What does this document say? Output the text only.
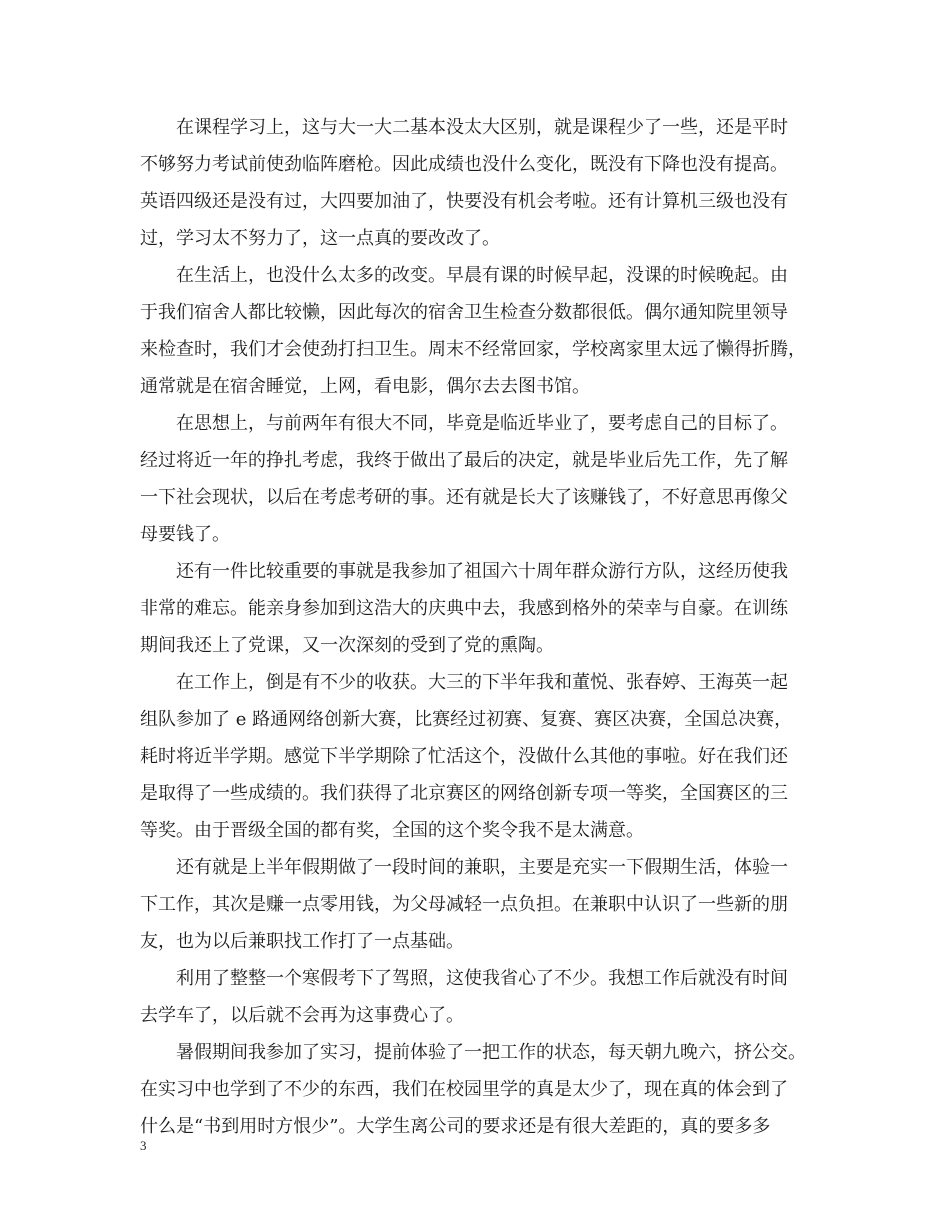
在课程学习上，这与大一大二基本没太大区别，就是课程少了一些，还是平时
不够努力考试前使劲临阵磨枪。因此成绩也没什么变化，既没有下降也没有提高。
英语四级还是没有过，大四要加油了，快要没有机会考啦。还有计算机三级也没有
过，学习太不努力了，这一点真的要改改了。
在生活上，也没什么太多的改变。早晨有课的时候早起，没课的时候晚起。由
于我们宿舍人都比较懒，因此每次的宿舍卫生检查分数都很低。偶尔通知院里领导
来检查时，我们才会使劲打扫卫生。周末不经常回家，学校离家里太远了懒得折腾，
通常就是在宿舍睡觉，上网，看电影，偶尔去去图书馆。
在思想上，与前两年有很大不同，毕竟是临近毕业了，要考虑自己的目标了。
经过将近一年的挣扎考虑，我终于做出了最后的决定，就是毕业后先工作，先了解
一下社会现状，以后在考虑考研的事。还有就是长大了该赚钱了，不好意思再像父
母要钱了。
还有一件比较重要的事就是我参加了祖国六十周年群众游行方队，这经历使我
非常的难忘。能亲身参加到这浩大的庆典中去，我感到格外的荣幸与自豪。在训练
期间我还上了党课，又一次深刻的受到了党的熏陶。
在工作上，倒是有不少的收获。大三的下半年我和董悦、张春婷、王海英一起
组队参加了 e 路通网络创新大赛，比赛经过初赛、复赛、赛区决赛，全国总决赛，
耗时将近半学期。感觉下半学期除了忙活这个，没做什么其他的事啦。好在我们还
是取得了一些成绩的。我们获得了北京赛区的网络创新专项一等奖，全国赛区的三
等奖。由于晋级全国的都有奖，全国的这个奖令我不是太满意。
还有就是上半年假期做了一段时间的兼职，主要是充实一下假期生活，体验一
下工作，其次是赚一点零用钱，为父母减轻一点负担。在兼职中认识了一些新的朋
友，也为以后兼职找工作打了一点基础。
利用了整整一个寒假考下了驾照，这使我省心了不少。我想工作后就没有时间
去学车了，以后就不会再为这事费心了。
暑假期间我参加了实习，提前体验了一把工作的状态，每天朝九晚六，挤公交。
在实习中也学到了不少的东西，我们在校园里学的真是太少了，现在真的体会到了
什么是“书到用时方恨少”。大学生离公司的要求还是有很大差距的，真的要多多
3
